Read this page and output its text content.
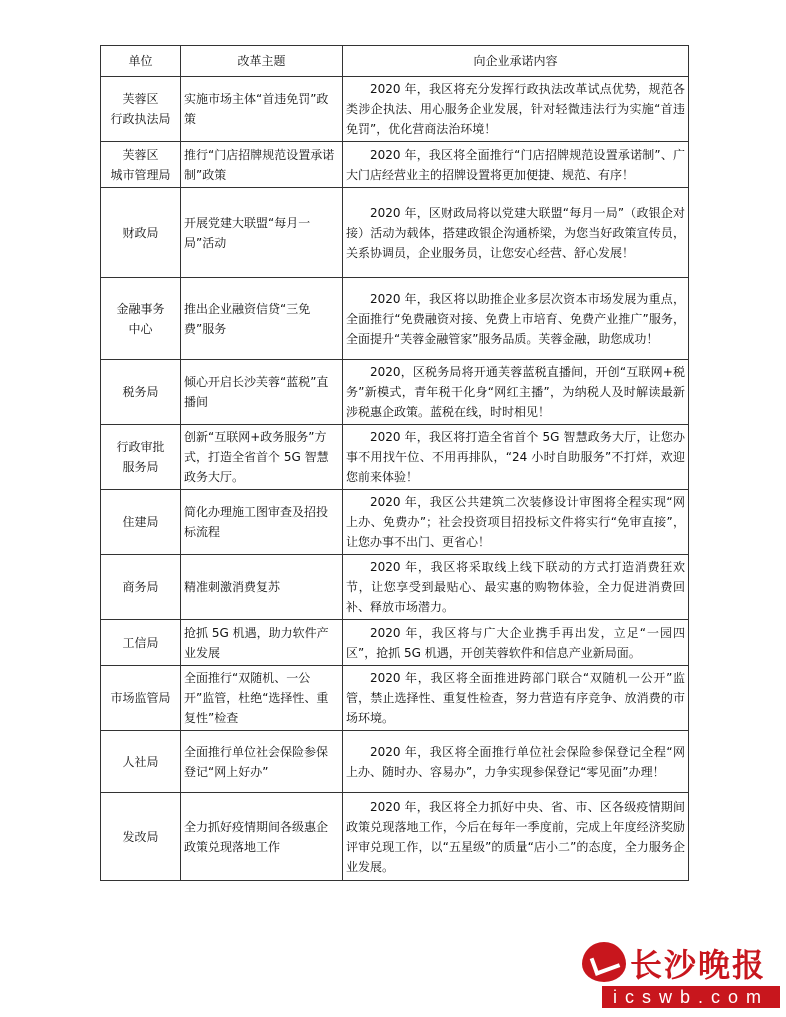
单位	改革主题	向企业承诺内容
芙蓉区
行政执法局	实施市场主体“首违免罚”政策	2020 年，我区将充分发挥行政执法改革试点优势，规范各类涉企执法、用心服务企业发展，针对轻微违法行为实施“首违免罚”，优化营商法治环境！

芙蓉区
城市管理局	推行“门店招牌规范设置承诺制”政策	2020 年，我区将全面推行“门店招牌规范设置承诺制”、广大门店经营业主的招牌设置将更加便捷、规范、有序！

财政局	开展党建大联盟“每月一局”活动	2020 年，区财政局将以党建大联盟“每月一局”（政银企对接）活动为载体，搭建政银企沟通桥梁，为您当好政策宣传员，关系协调员，企业服务员，让您安心经营、舒心发展！

金融事务
中心	推出企业融资信贷“三免费”服务	2020 年，我区将以助推企业多层次资本市场发展为重点，全面推行“免费融资对接、免费上市培育、免费产业推广”服务，全面提升“芙蓉金融管家”服务品质。芙蓉金融，助您成功！

税务局	倾心开启长沙芙蓉“蓝税”直播间	2020，区税务局将开通芙蓉蓝税直播间，开创“互联网+税务”新模式，青年税干化身“网红主播”，为纳税人及时解读最新涉税惠企政策。蓝税在线，时时相见！

行政审批
服务局	创新“互联网+政务服务”方式，打造全省首个 5G 智慧政务大厅。	2020 年，我区将打造全省首个 5G 智慧政务大厅，让您办事不用找午位、不用再排队，“24 小时自助服务”不打烊，欢迎您前来体验！

住建局	简化办理施工图审查及招投标流程	2020 年，我区公共建筑二次装修设计审图将全程实现“网上办、免费办”；社会投资项目招投标文件将实行“免审直接”，让您办事不出门、更省心！

商务局	精准刺激消费复苏	2020 年，我区将采取线上线下联动的方式打造消费狂欢节，让您享受到最贴心、最实惠的购物体验，全力促进消费回补、释放市场潜力。

工信局	抢抓 5G 机遇，助力软件产业发展	2020 年，我区将与广大企业携手再出发，立足“一园四区”，抢抓 5G 机遇，开创芙蓉软件和信息产业新局面。

市场监管局	全面推行“双随机、一公开”监管，杜绝“选择性、重复性”检查	2020 年，我区将全面推进跨部门联合“双随机一公开”监管，禁止选择性、重复性检查，努力营造有序竞争、放消费的市场环境。

人社局	全面推行单位社会保险参保登记“网上好办”	2020 年，我区将全面推行单位社会保险参保登记全程“网上办、随时办、容易办”，力争实现参保登记“零见面”办理！

发改局	全力抓好疫情期间各级惠企政策兑现落地工作	2020 年，我区将全力抓好中央、省、市、区各级疫情期间政策兑现落地工作，今后在每年一季度前，完成上年度经济奖励评审兑现工作，以“五星级”的质量“店小二”的态度，全力服务企业发展。
长沙晚报
icswb.com
